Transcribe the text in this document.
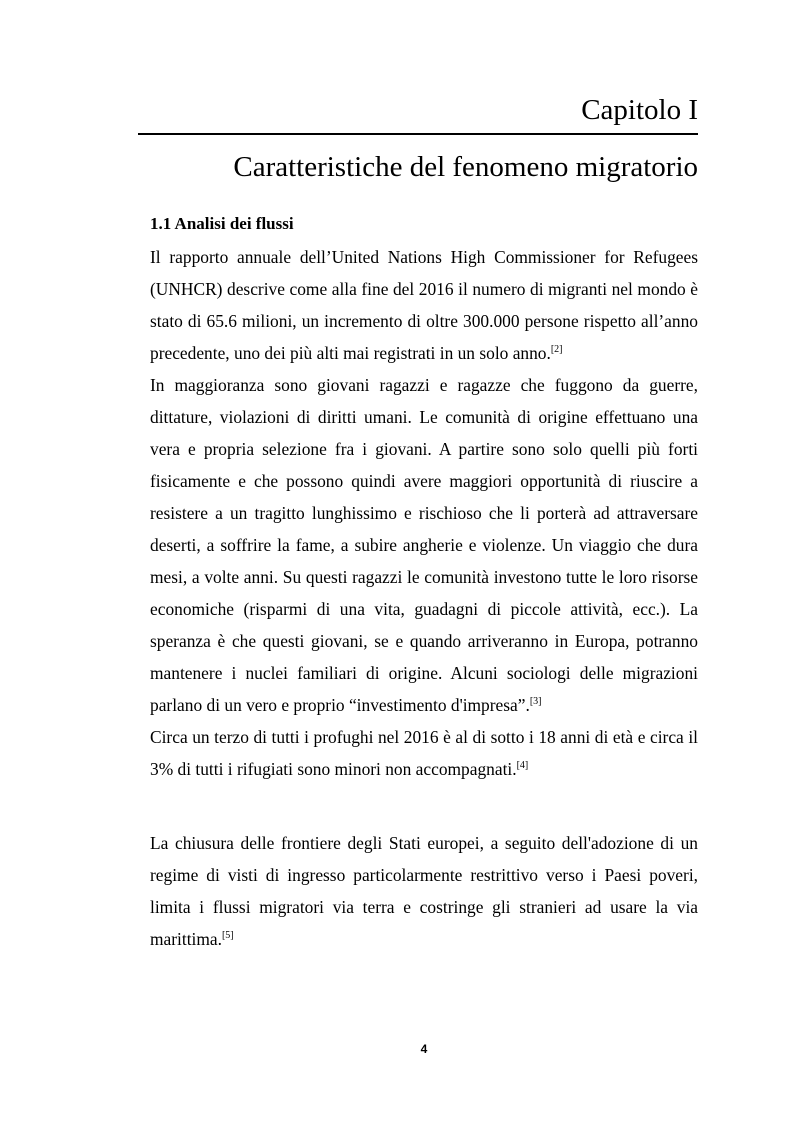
Capitolo I
Caratteristiche del fenomeno migratorio
1.1 Analisi dei flussi

Il rapporto annuale dell’United Nations High Commissioner for Refugees (UNHCR) descrive come alla fine del 2016 il numero di migranti nel mondo è stato di 65.6 milioni, un incremento di oltre 300.000 persone rispetto all’anno precedente, uno dei più alti mai registrati in un solo anno.[2]

In maggioranza sono giovani ragazzi e ragazze che fuggono da guerre, dittature, violazioni di diritti umani. Le comunità di origine effettuano una vera e propria selezione fra i giovani. A partire sono solo quelli più forti fisicamente e che possono quindi avere maggiori opportunità di riuscire a resistere a un tragitto lunghissimo e rischioso che li porterà ad attraversare deserti, a soffrire la fame, a subire angherie e violenze. Un viaggio che dura mesi, a volte anni. Su questi ragazzi le comunità investono tutte le loro risorse economiche (risparmi di una vita, guadagni di piccole attività, ecc.). La speranza è che questi giovani, se e quando arriveranno in Europa, potranno mantenere i nuclei familiari di origine. Alcuni sociologi delle migrazioni parlano di un vero e proprio “investimento d'impresa”.[3]

Circa un terzo di tutti i profughi nel 2016 è al di sotto i 18 anni di età e circa il 3% di tutti i rifugiati sono minori non accompagnati.[4]

La chiusura delle frontiere degli Stati europei, a seguito dell'adozione di un regime di visti di ingresso particolarmente restrittivo verso i Paesi poveri, limita i flussi migratori via terra e costringe gli stranieri ad usare la via marittima.[5]

4
